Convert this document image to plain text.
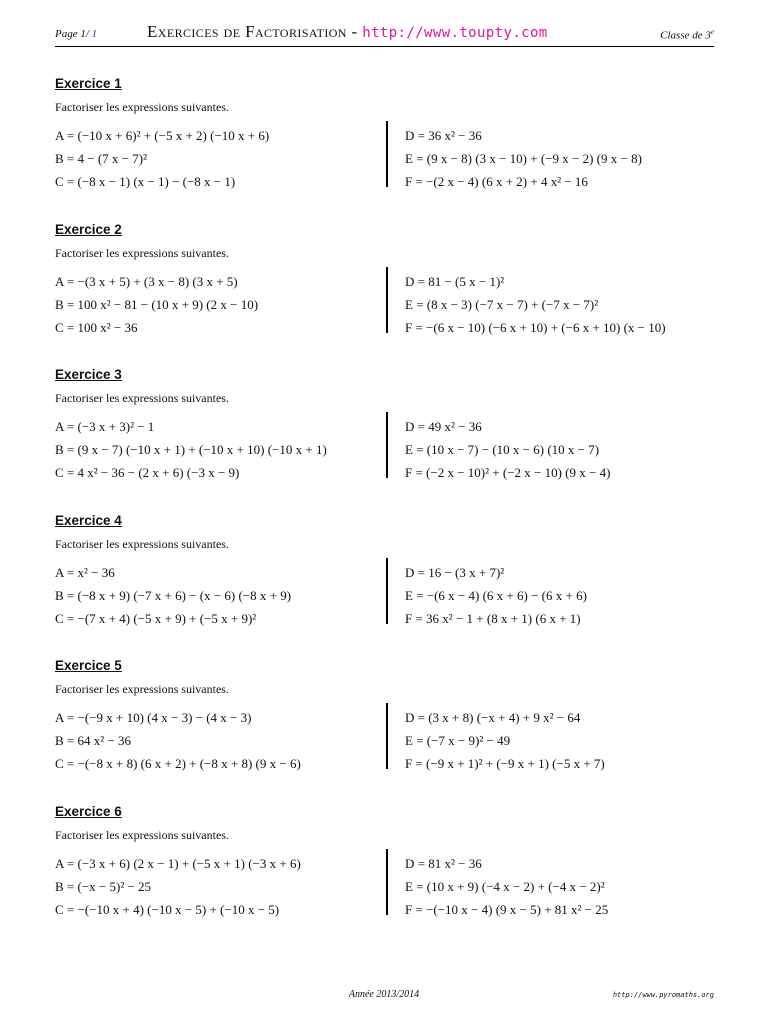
Page 1/ 1	Exercices de Factorisation - http://www.toupty.com	Classe de 3e
Exercice 1
Factoriser les expressions suivantes.
A = (−10 x + 6)² + (−5 x + 2) (−10 x + 6)
B = 4 − (7 x − 7)²
C = (−8 x − 1) (x − 1) − (−8 x − 1)
D = 36 x² − 36
E = (9 x − 8) (3 x − 10) + (−9 x − 2) (9 x − 8)
F = −(2 x − 4) (6 x + 2) + 4 x² − 16
Exercice 2
Factoriser les expressions suivantes.
A = −(3 x + 5) + (3 x − 8) (3 x + 5)
B = 100 x² − 81 − (10 x + 9) (2 x − 10)
C = 100 x² − 36
D = 81 − (5 x − 1)²
E = (8 x − 3) (−7 x − 7) + (−7 x − 7)²
F = −(6 x − 10) (−6 x + 10) + (−6 x + 10) (x − 10)
Exercice 3
Factoriser les expressions suivantes.
A = (−3 x + 3)² − 1
B = (9 x − 7) (−10 x + 1) + (−10 x + 10) (−10 x + 1)
C = 4 x² − 36 − (2 x + 6) (−3 x − 9)
D = 49 x² − 36
E = (10 x − 7) − (10 x − 6) (10 x − 7)
F = (−2 x − 10)² + (−2 x − 10) (9 x − 4)
Exercice 4
Factoriser les expressions suivantes.
A = x² − 36
B = (−8 x + 9) (−7 x + 6) − (x − 6) (−8 x + 9)
C = −(7 x + 4) (−5 x + 9) + (−5 x + 9)²
D = 16 − (3 x + 7)²
E = −(6 x − 4) (6 x + 6) − (6 x + 6)
F = 36 x² − 1 + (8 x + 1) (6 x + 1)
Exercice 5
Factoriser les expressions suivantes.
A = −(−9 x + 10) (4 x − 3) − (4 x − 3)
B = 64 x² − 36
C = −(−8 x + 8) (6 x + 2) + (−8 x + 8) (9 x − 6)
D = (3 x + 8) (−x + 4) + 9 x² − 64
E = (−7 x − 9)² − 49
F = (−9 x + 1)² + (−9 x + 1) (−5 x + 7)
Exercice 6
Factoriser les expressions suivantes.
A = (−3 x + 6) (2 x − 1) + (−5 x + 1) (−3 x + 6)
B = (−x − 5)² − 25
C = −(−10 x + 4) (−10 x − 5) + (−10 x − 5)
D = 81 x² − 36
E = (10 x + 9) (−4 x − 2) + (−4 x − 2)²
F = −(−10 x − 4) (9 x − 5) + 81 x² − 25
Année 2013/2014	http://www.pyromaths.org
